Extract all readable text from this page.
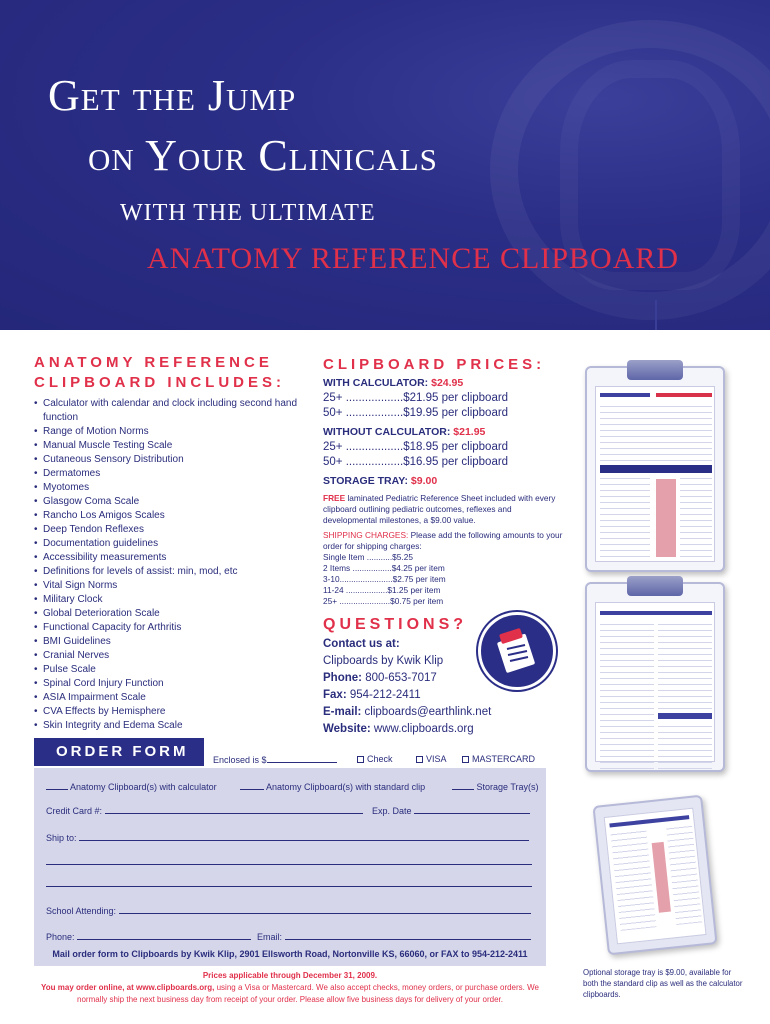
Get the Jump
on Your Clinicals
WITH THE ULTIMATE
ANATOMY REFERENCE CLIPBOARD
ANATOMY REFERENCE
CLIPBOARD INCLUDES:
• Calculator with calendar and clock including second hand function
• Range of Motion Norms
• Manual Muscle Testing Scale
• Cutaneous Sensory Distribution
• Dermatomes
• Myotomes
• Glasgow Coma Scale
• Rancho Los Amigos Scales
• Deep Tendon Reflexes
• Documentation guidelines
• Accessibility measurements
• Definitions for levels of assist: min, mod, etc
• Vital Sign Norms
• Military Clock
• Global Deterioration Scale
• Functional Capacity for Arthritis
• BMI Guidelines
• Cranial Nerves
• Pulse Scale
• Spinal Cord Injury Function
• ASIA Impairment Scale
• CVA Effects by Hemisphere
• Skin Integrity and Edema Scale
CLIPBOARD PRICES:
WITH CALCULATOR: $24.95
25+ ..................$21.95 per clipboard
50+ ..................$19.95 per clipboard
WITHOUT CALCULATOR: $21.95
25+ ..................$18.95 per clipboard
50+ ..................$16.95 per clipboard
STORAGE TRAY: $9.00
FREE laminated Pediatric Reference Sheet included with every clipboard outlining pediatric outcomes, reflexes and developmental milestones, a $9.00 value.
SHIPPING CHARGES: Please add the following amounts to your order for shipping charges:
Single Item ...........$5.25
2 Items .................$4.25 per item
3-10.......................$2.75 per item
11-24 ..................$1.25 per item
25+ ......................$0.75 per item
QUESTIONS?
Contact us at:
Clipboards by Kwik Klip
Phone: 800-653-7017
Fax: 954-212-2411
E-mail: clipboards@earthlink.net
Website: www.clipboards.org
ORDER FORM	Enclosed is $	Check	VISA	MASTERCARD
Anatomy Clipboard(s) with calculator	Anatomy Clipboard(s) with standard clip	Storage Tray(s)
Credit Card #:	Exp. Date
Ship to:
School Attending:
Phone:	Email:
Mail order form to Clipboards by Kwik Klip, 2901 Ellsworth Road, Nortonville KS, 66060, or FAX to 954-212-2411
Prices applicable through December 31, 2009.
You may order online, at www.clipboards.org, using a Visa or Mastercard. We also accept checks, money orders, or purchase orders. We normally ship the next business day from receipt of your order. Please allow five business days for delivery of your order.
Optional storage tray is $9.00, available for both the standard clip as well as the calculator clipboards.
